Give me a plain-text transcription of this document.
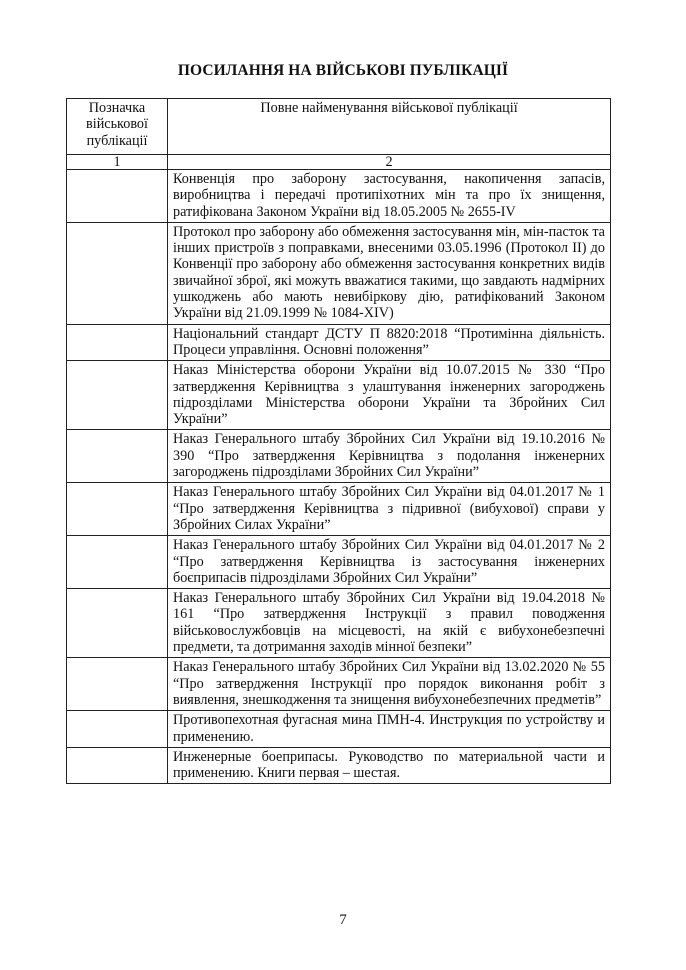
ПОСИЛАННЯ НА ВІЙСЬКОВІ ПУБЛІКАЦІЇ
Позначка військової публікації	Повне найменування військової публікації
1	2
	Конвенція про заборону застосування, накопичення запасів, виробництва і передачі протипіхотних мін та про їх знищення, ратифікована Законом України від 18.05.2005 № 2655-IV
	Протокол про заборону або обмеження застосування мін, мін-пасток та інших пристроїв з поправками, внесеними 03.05.1996 (Протокол ІІ) до Конвенції про заборону або обмеження застосування конкретних видів звичайної зброї, які можуть вважатися такими, що завдають надмірних ушкоджень або мають невибіркову дію, ратифікований Законом України від 21.09.1999 № 1084-XIV)
	Національний стандарт ДСТУ П 8820:2018 “Протимінна діяльність. Процеси управління. Основні положення”
	Наказ Міністерства оборони України від 10.07.2015 № 330 “Про затвердження Керівництва з улаштування інженерних загороджень підрозділами Міністерства оборони України та Збройних Сил України”
	Наказ Генерального штабу Збройних Сил України від 19.10.2016 № 390 “Про затвердження Керівництва з подолання інженерних загороджень підрозділами Збройних Сил України”
	Наказ Генерального штабу Збройних Сил України від 04.01.2017 № 1 “Про затвердження Керівництва з підривної (вибухової) справи у Збройних Силах України”
	Наказ Генерального штабу Збройних Сил України від 04.01.2017 № 2 “Про затвердження Керівництва із застосування інженерних боєприпасів підрозділами Збройних Сил України”
	Наказ Генерального штабу Збройних Сил України від 19.04.2018 № 161 “Про затвердження Інструкції з правил поводження військовослужбовців на місцевості, на якій є вибухонебезпечні предмети, та дотримання заходів мінної безпеки”
	Наказ Генерального штабу Збройних Сил України від 13.02.2020 № 55 “Про затвердження Інструкції про порядок виконання робіт з виявлення, знешкодження та знищення вибухонебезпечних предметів”
	Противопехотная фугасная мина ПМН-4. Инструкция по устройству и применению.
	Инженерные боеприпасы. Руководство по материальной части и применению. Книги первая – шестая.
7
